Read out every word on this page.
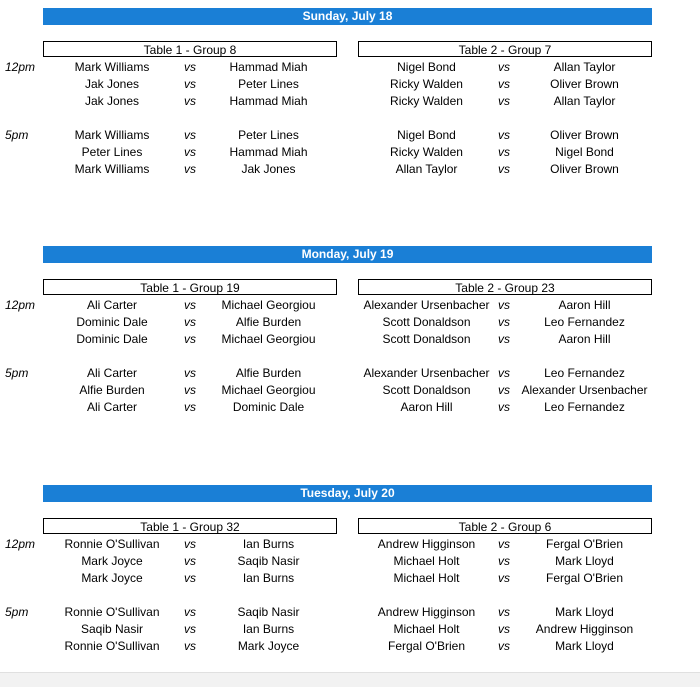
Sunday, July 18
Table 1 - Group 8	Table 2 - Group 7
12pm	Mark Williams	vs	Hammad Miah	Nigel Bond	vs	Allan Taylor
Jak Jones	vs	Peter Lines	Ricky Walden	vs	Oliver Brown
Jak Jones	vs	Hammad Miah	Ricky Walden	vs	Allan Taylor
5pm	Mark Williams	vs	Peter Lines	Nigel Bond	vs	Oliver Brown
Peter Lines	vs	Hammad Miah	Ricky Walden	vs	Nigel Bond
Mark Williams	vs	Jak Jones	Allan Taylor	vs	Oliver Brown
Monday, July 19
Table 1 - Group 19	Table 2 - Group 23
12pm	Ali Carter	vs	Michael Georgiou	Alexander Ursenbacher vs	Aaron Hill
Dominic Dale	vs	Alfie Burden	Scott Donaldson	vs	Leo Fernandez
Dominic Dale	vs	Michael Georgiou	Scott Donaldson	vs	Aaron Hill
5pm	Ali Carter	vs	Alfie Burden	Alexander Ursenbacher vs	Leo Fernandez
Alfie Burden	vs	Michael Georgiou	Scott Donaldson	vs Alexander Ursenbacher
Ali Carter	vs	Dominic Dale	Aaron Hill	vs	Leo Fernandez
Tuesday, July 20
Table 1 - Group 32	Table 2 - Group 6
12pm	Ronnie O'Sullivan	vs	Ian Burns	Andrew Higginson	vs	Fergal O'Brien
Mark Joyce	vs	Saqib Nasir	Michael Holt	vs	Mark Lloyd
Mark Joyce	vs	Ian Burns	Michael Holt	vs	Fergal O'Brien
5pm	Ronnie O'Sullivan	vs	Saqib Nasir	Andrew Higginson	vs	Mark Lloyd
Saqib Nasir	vs	Ian Burns	Michael Holt	vs	Andrew Higginson
Ronnie O'Sullivan	vs	Mark Joyce	Fergal O'Brien	vs	Mark Lloyd
